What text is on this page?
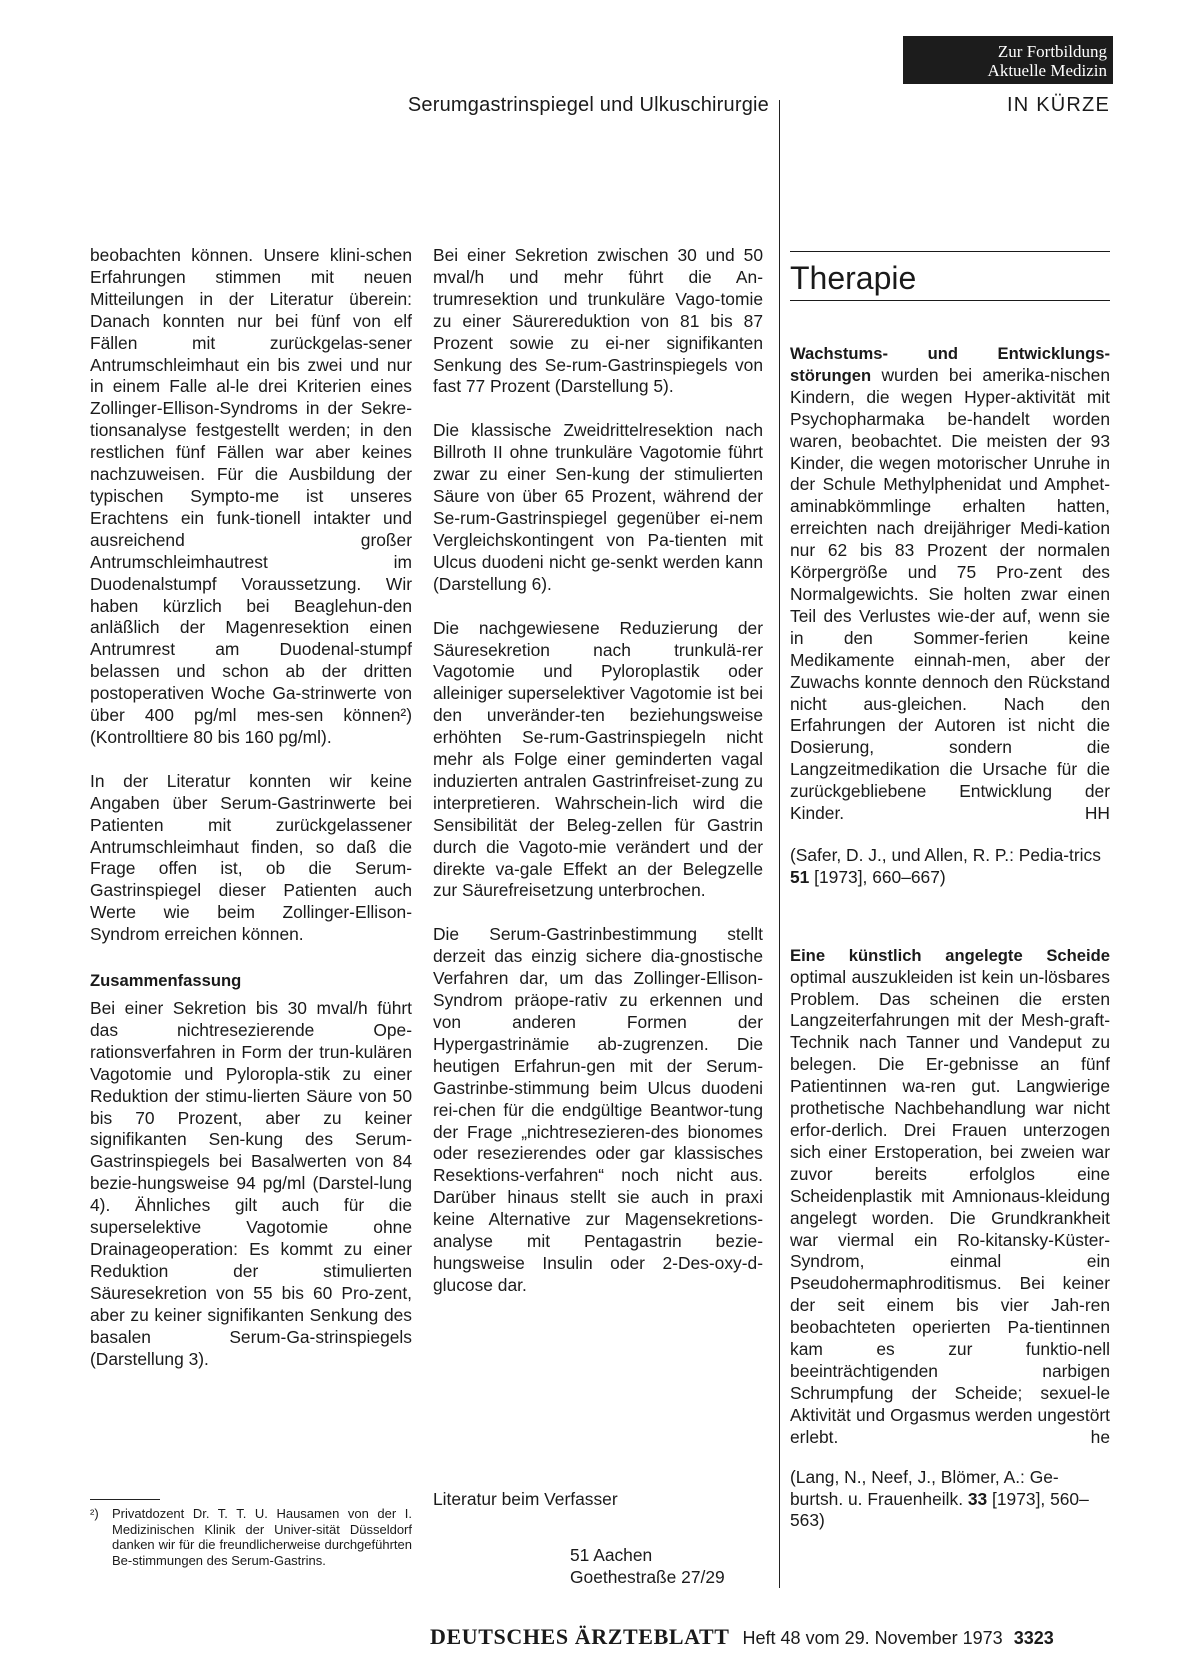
Zur Fortbildung
Aktuelle Medizin
Serumgastrinspiegel und Ulkuschirurgie	IN KÜRZE

beobachten können. Unsere klini-schen Erfahrungen stimmen mit neuen Mitteilungen in der Literatur überein: Danach konnten nur bei fünf von elf Fällen mit zurückgelas-sener Antrumschleimhaut ein bis zwei und nur in einem Falle al-le drei Kriterien eines Zollinger-Ellison-Syndroms in der Sekre-tionsanalyse festgestellt werden; in den restlichen fünf Fällen war aber keines nachzuweisen. Für die Ausbildung der typischen Sympto-me ist unseres Erachtens ein funk-tionell intakter und ausreichend großer Antrumschleimhautrest im Duodenalstumpf Voraussetzung. Wir haben kürzlich bei Beaglehun-den anläßlich der Magenresektion einen Antrumrest am Duodenal-stumpf belassen und schon ab der dritten postoperativen Woche Ga-strinwerte von über 400 pg/ml mes-sen können²) (Kontrolltiere 80 bis 160 pg/ml).

In der Literatur konnten wir keine Angaben über Serum-Gastrinwerte bei Patienten mit zurückgelassener Antrumschleimhaut finden, so daß die Frage offen ist, ob die Serum-Gastrinspiegel dieser Patienten auch Werte wie beim Zollinger-Ellison-Syndrom erreichen können.

Zusammenfassung

Bei einer Sekretion bis 30 mval/h führt das nichtresezierende Ope-rationsverfahren in Form der trun-kulären Vagotomie und Pyloropla-stik zu einer Reduktion der stimu-lierten Säure von 50 bis 70 Prozent, aber zu keiner signifikanten Sen-kung des Serum-Gastrinspiegels bei Basalwerten von 84 bezie-hungsweise 94 pg/ml (Darstel-lung 4). Ähnliches gilt auch für die superselektive Vagotomie ohne Drainageoperation: Es kommt zu einer Reduktion der stimulierten Säuresekretion von 55 bis 60 Pro-zent, aber zu keiner signifikanten Senkung des basalen Serum-Ga-strinspiegels (Darstellung 3).

²)	Privatdozent Dr. T. T. U. Hausamen von der I. Medizinischen Klinik der Univer-sität Düsseldorf danken wir für die freundlicherweise durchgeführten Be-stimmungen des Serum-Gastrins.

Bei einer Sekretion zwischen 30 und 50 mval/h und mehr führt die An-trumresektion und trunkuläre Vago-tomie zu einer Säurereduktion von 81 bis 87 Prozent sowie zu ei-ner signifikanten Senkung des Se-rum-Gastrinspiegels von fast 77 Prozent (Darstellung 5).

Die klassische Zweidrittelresektion nach Billroth II ohne trunkuläre Vagotomie führt zwar zu einer Sen-kung der stimulierten Säure von über 65 Prozent, während der Se-rum-Gastrinspiegel gegenüber ei-nem Vergleichskontingent von Pa-tienten mit Ulcus duodeni nicht ge-senkt werden kann (Darstellung 6).

Die nachgewiesene Reduzierung der Säuresekretion nach trunkulä-rer Vagotomie und Pyloroplastik oder alleiniger superselektiver Vagotomie ist bei den unveränder-ten beziehungsweise erhöhten Se-rum-Gastrinspiegeln nicht mehr als Folge einer geminderten vagal induzierten antralen Gastrinfreiset-zung zu interpretieren. Wahrschein-lich wird die Sensibilität der Beleg-zellen für Gastrin durch die Vagoto-mie verändert und der direkte va-gale Effekt an der Belegzelle zur Säurefreisetzung unterbrochen.

Die Serum-Gastrinbestimmung stellt derzeit das einzig sichere dia-gnostische Verfahren dar, um das Zollinger-Ellison-Syndrom präope-rativ zu erkennen und von anderen Formen der Hypergastrinämie ab-zugrenzen. Die heutigen Erfahrun-gen mit der Serum-Gastrinbe-stimmung beim Ulcus duodeni rei-chen für die endgültige Beantwor-tung der Frage „nichtresezieren-des bionomes oder resezierendes oder gar klassisches Resektions-verfahren“ noch nicht aus. Darüber hinaus stellt sie auch in praxi keine Alternative zur Magensekretions-analyse mit Pentagastrin bezie-hungsweise Insulin oder 2-Des-oxy-d-glucose dar.

Literatur beim Verfasser
51 Aachen
Goethestraße 27/29
Therapie

Wachstums- und Entwicklungs-störungen wurden bei amerika-nischen Kindern, die wegen Hyper-aktivität mit Psychopharmaka be-handelt worden waren, beobachtet. Die meisten der 93 Kinder, die wegen motorischer Unruhe in der Schule Methylphenidat und Amphet-aminabkömmlinge erhalten hatten, erreichten nach dreijähriger Medi-kation nur 62 bis 83 Prozent der normalen Körpergröße und 75 Pro-zent des Normalgewichts. Sie holten zwar einen Teil des Verlustes wie-der auf, wenn sie in den Sommer-ferien keine Medikamente einnah-men, aber der Zuwachs konnte dennoch den Rückstand nicht aus-gleichen. Nach den Erfahrungen der Autoren ist nicht die Dosierung, sondern die Langzeitmedikation die Ursache für die zurückgebliebene Entwicklung der Kinder.	HH

(Safer, D. J., und Allen, R. P.: Pedia-trics 51 [1973], 660–667)

Eine künstlich angelegte Scheide optimal auszukleiden ist kein un-lösbares Problem. Das scheinen die ersten Langzeiterfahrungen mit der Mesh-graft-Technik nach Tanner und Vandeput zu belegen. Die Er-gebnisse an fünf Patientinnen wa-ren gut. Langwierige prothetische Nachbehandlung war nicht erfor-derlich. Drei Frauen unterzogen sich einer Erstoperation, bei zweien war zuvor bereits erfolglos eine Scheidenplastik mit Amnionaus-kleidung angelegt worden. Die Grundkrankheit war viermal ein Ro-kitansky-Küster-Syndrom, einmal ein Pseudohermaphroditismus. Bei keiner der seit einem bis vier Jah-ren beobachteten operierten Pa-tientinnen kam es zur funktio-nell beeinträchtigenden narbigen Schrumpfung der Scheide; sexuel-le Aktivität und Orgasmus werden ungestört erlebt.	he

(Lang, N., Neef, J., Blömer, A.: Ge-burtsh. u. Frauenheilk. 33 [1973], 560–563)

DEUTSCHES ÄRZTEBLATT Heft 48 vom 29. November 1973 3323
